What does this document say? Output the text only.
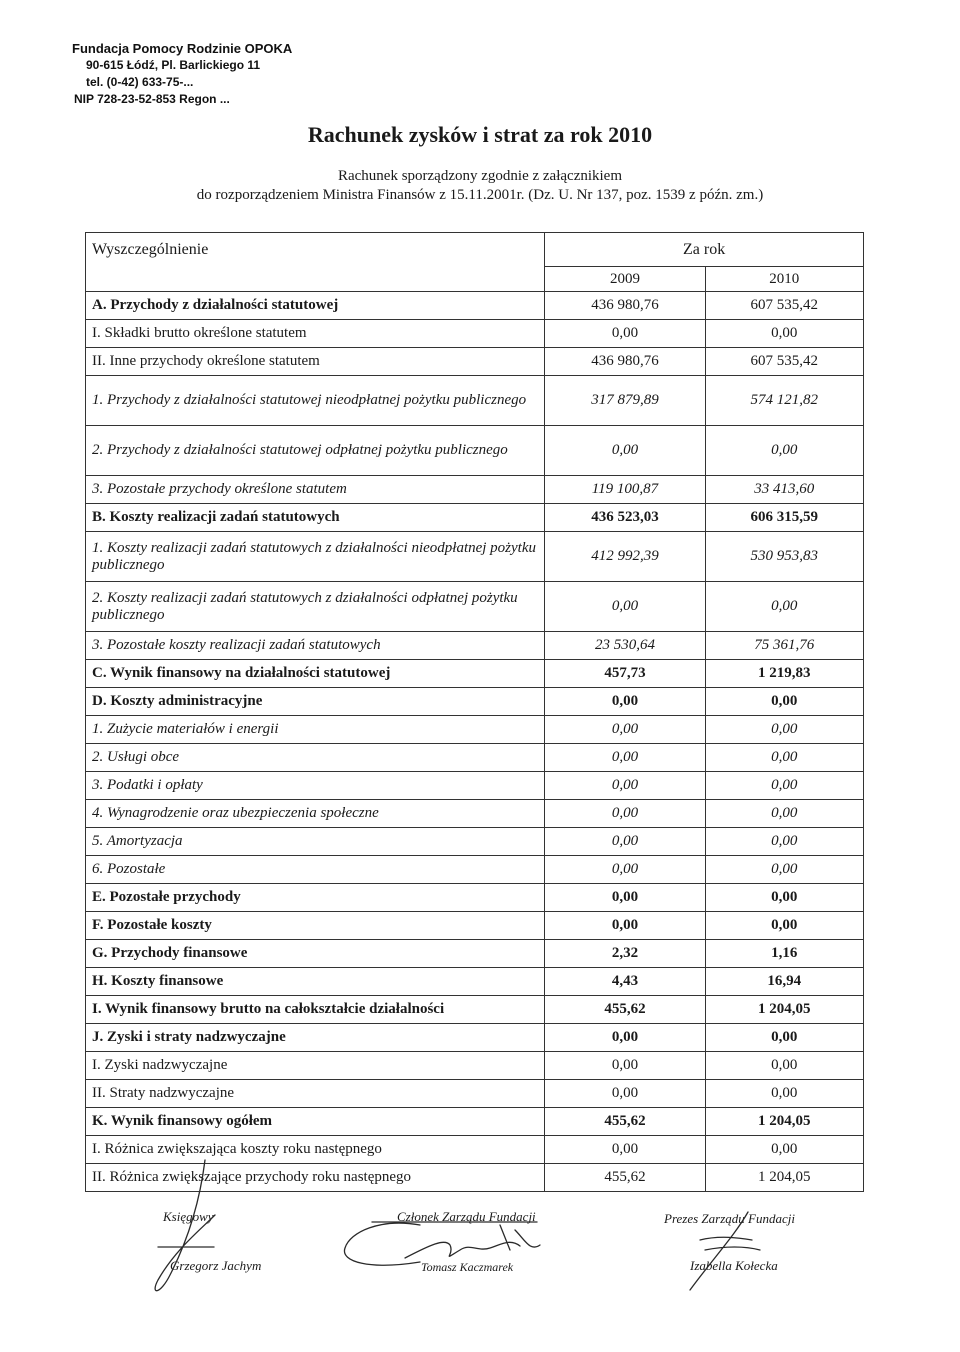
Fundacja Pomocy Rodzinie OPOKA
90-615 Łódź, Pl. Barlickiego 11
tel. (0-42) 633-75-...
NIP 728-23-52-853 Regon ...
Rachunek zysków i strat za rok 2010
Rachunek sporządzony zgodnie z załącznikiem
do rozporządzeniem Ministra Finansów z 15.11.2001r. (Dz. U. Nr 137, poz. 1539 z późn. zm.)
Wyszczególnienie	Za rok	
	2009	2010
A. Przychody z działalności statutowej	436 980,76	607 535,42
I. Składki brutto określone statutem	0,00	0,00
II. Inne przychody określone statutem	436 980,76	607 535,42
1. Przychody z działalności statutowej nieodpłatnej pożytku publicznego	317 879,89	574 121,82
2. Przychody z działalności statutowej odpłatnej pożytku publicznego	0,00	0,00
3. Pozostałe przychody określone statutem	119 100,87	33 413,60
B. Koszty realizacji zadań statutowych	436 523,03	606 315,59
1. Koszty realizacji zadań statutowych z działalności nieodpłatnej pożytku publicznego	412 992,39	530 953,83
2. Koszty realizacji zadań statutowych z działalności odpłatnej pożytku publicznego	0,00	0,00
3. Pozostałe koszty realizacji zadań statutowych	23 530,64	75 361,76
C. Wynik finansowy na działalności statutowej	457,73	1 219,83
D. Koszty administracyjne	0,00	0,00
1. Zużycie materiałów i energii	0,00	0,00
2. Usługi obce	0,00	0,00
3. Podatki i opłaty	0,00	0,00
4. Wynagrodzenie oraz ubezpieczenia społeczne	0,00	0,00
5. Amortyzacja	0,00	0,00
6. Pozostałe	0,00	0,00
E. Pozostałe przychody	0,00	0,00
F. Pozostałe koszty	0,00	0,00
G. Przychody finansowe	2,32	1,16
H. Koszty finansowe	4,43	16,94
I. Wynik finansowy brutto na całokształcie działalności	455,62	1 204,05
J. Zyski i straty nadzwyczajne	0,00	0,00
I. Zyski nadzwyczajne	0,00	0,00
II. Straty nadzwyczajne	0,00	0,00
K. Wynik finansowy ogółem	455,62	1 204,05
I. Różnica zwiększająca koszty roku następnego	0,00	0,00
II. Różnica zwiększające przychody roku następnego	455,62	1 204,05
Księgowy
Grzegorz Jachym
Członek Zarządu Fundacji
Tomasz Kaczmarek
Prezes Zarządu Fundacji
Izabella Kołecka
